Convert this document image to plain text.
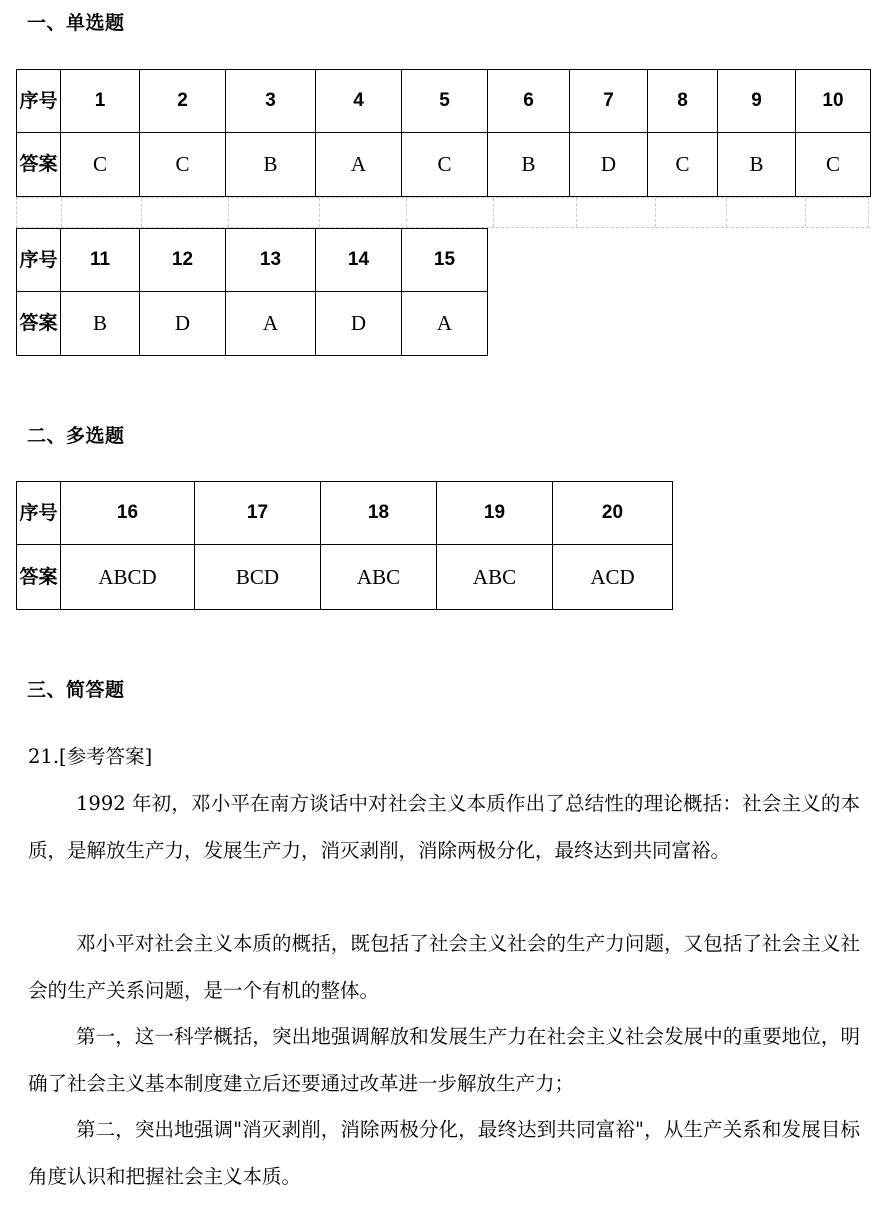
一、单选题
序号	1	2	3	4	5	6	7	8	9	10
答案	C	C	B	A	C	B	D	C	B	C
序号	11	12	13	14	15
答案	B	D	A	D	A
二、多选题
序号	16	17	18	19	20
答案	ABCD	BCD	ABC	ABC	ACD
三、简答题
21.[参考答案]
1992 年初，邓小平在南方谈话中对社会主义本质作出了总结性的理论概括：社会主义的本质，是解放生产力，发展生产力，消灭剥削，消除两极分化，最终达到共同富裕。
邓小平对社会主义本质的概括，既包括了社会主义社会的生产力问题，又包括了社会主义社会的生产关系问题，是一个有机的整体。
第一，这一科学概括，突出地强调解放和发展生产力在社会主义社会发展中的重要地位，明确了社会主义基本制度建立后还要通过改革进一步解放生产力；
第二，突出地强调"消灭剥削，消除两极分化，最终达到共同富裕"，从生产关系和发展目标角度认识和把握社会主义本质。
